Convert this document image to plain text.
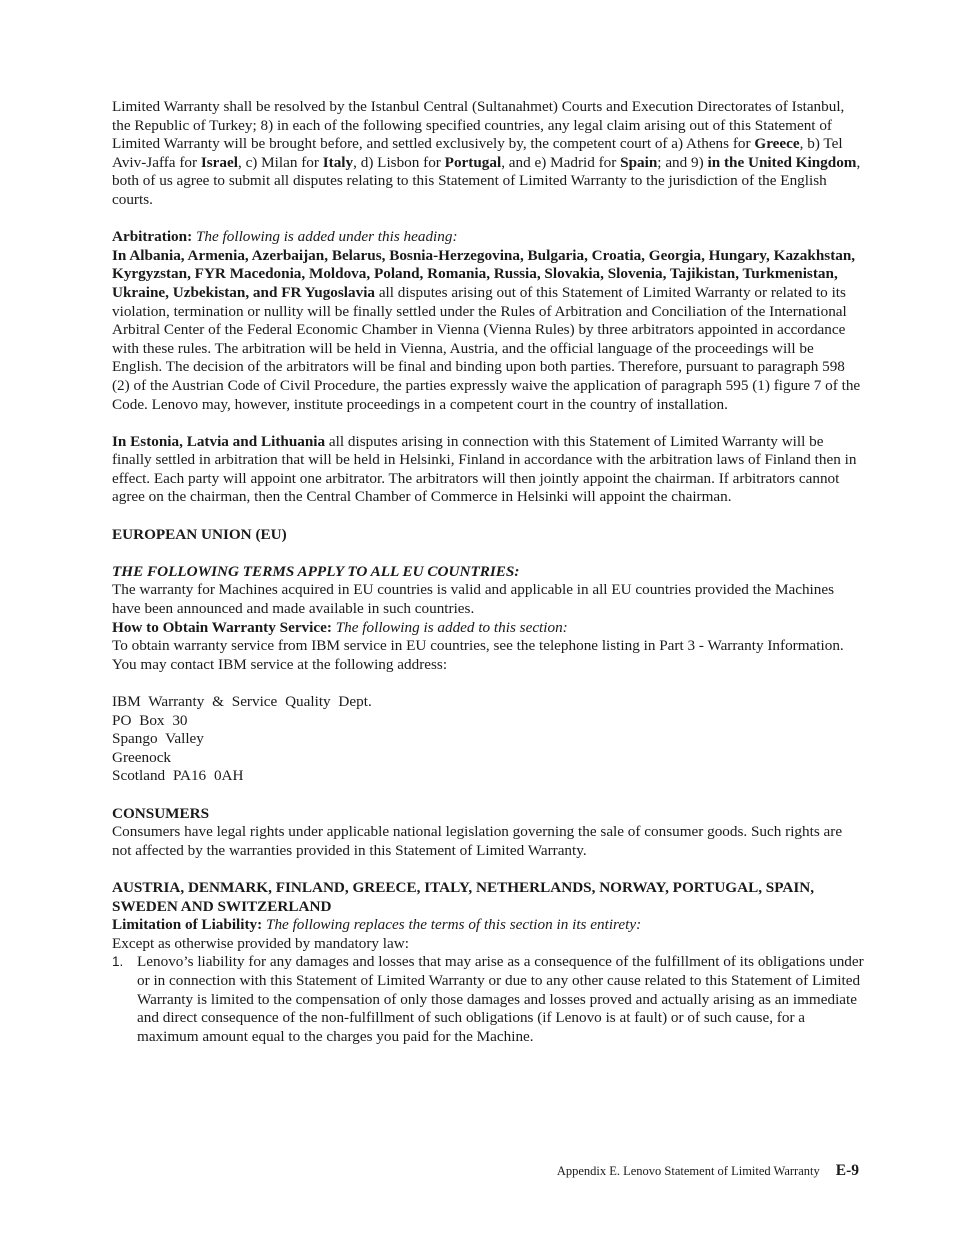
Limited Warranty shall be resolved by the Istanbul Central (Sultanahmet) Courts and Execution Directorates of Istanbul, the Republic of Turkey; 8) in each of the following specified countries, any legal claim arising out of this Statement of Limited Warranty will be brought before, and settled exclusively by, the competent court of a) Athens for Greece, b) Tel Aviv-Jaffa for Israel, c) Milan for Italy, d) Lisbon for Portugal, and e) Madrid for Spain; and 9) in the United Kingdom, both of us agree to submit all disputes relating to this Statement of Limited Warranty to the jurisdiction of the English courts.

Arbitration: The following is added under this heading:

In Albania, Armenia, Azerbaijan, Belarus, Bosnia-Herzegovina, Bulgaria, Croatia, Georgia, Hungary, Kazakhstan, Kyrgyzstan, FYR Macedonia, Moldova, Poland, Romania, Russia, Slovakia, Slovenia, Tajikistan, Turkmenistan, Ukraine, Uzbekistan, and FR Yugoslavia all disputes arising out of this Statement of Limited Warranty or related to its violation, termination or nullity will be finally settled under the Rules of Arbitration and Conciliation of the International Arbitral Center of the Federal Economic Chamber in Vienna (Vienna Rules) by three arbitrators appointed in accordance with these rules. The arbitration will be held in Vienna, Austria, and the official language of the proceedings will be English. The decision of the arbitrators will be final and binding upon both parties. Therefore, pursuant to paragraph 598 (2) of the Austrian Code of Civil Procedure, the parties expressly waive the application of paragraph 595 (1) figure 7 of the Code. Lenovo may, however, institute proceedings in a competent court in the country of installation.

In Estonia, Latvia and Lithuania all disputes arising in connection with this Statement of Limited Warranty will be finally settled in arbitration that will be held in Helsinki, Finland in accordance with the arbitration laws of Finland then in effect. Each party will appoint one arbitrator. The arbitrators will then jointly appoint the chairman. If arbitrators cannot agree on the chairman, then the Central Chamber of Commerce in Helsinki will appoint the chairman.

EUROPEAN UNION (EU)

THE FOLLOWING TERMS APPLY TO ALL EU COUNTRIES:

The warranty for Machines acquired in EU countries is valid and applicable in all EU countries provided the Machines have been announced and made available in such countries.

How to Obtain Warranty Service: The following is added to this section:

To obtain warranty service from IBM service in EU countries, see the telephone listing in Part 3 - Warranty Information.

You may contact IBM service at the following address:

IBM Warranty & Service Quality Dept.

PO Box 30

Spango Valley

Greenock

Scotland PA16 0AH

CONSUMERS

Consumers have legal rights under applicable national legislation governing the sale of consumer goods. Such rights are not affected by the warranties provided in this Statement of Limited Warranty.

AUSTRIA, DENMARK, FINLAND, GREECE, ITALY, NETHERLANDS, NORWAY, PORTUGAL, SPAIN, SWEDEN AND SWITZERLAND

Limitation of Liability: The following replaces the terms of this section in its entirety:

Except as otherwise provided by mandatory law:

1. Lenovo’s liability for any damages and losses that may arise as a consequence of the fulfillment of its obligations under or in connection with this Statement of Limited Warranty or due to any other cause related to this Statement of Limited Warranty is limited to the compensation of only those damages and losses proved and actually arising as an immediate and direct consequence of the non-fulfillment of such obligations (if Lenovo is at fault) or of such cause, for a maximum amount equal to the charges you paid for the Machine.
Appendix E. Lenovo Statement of Limited Warranty E-9
